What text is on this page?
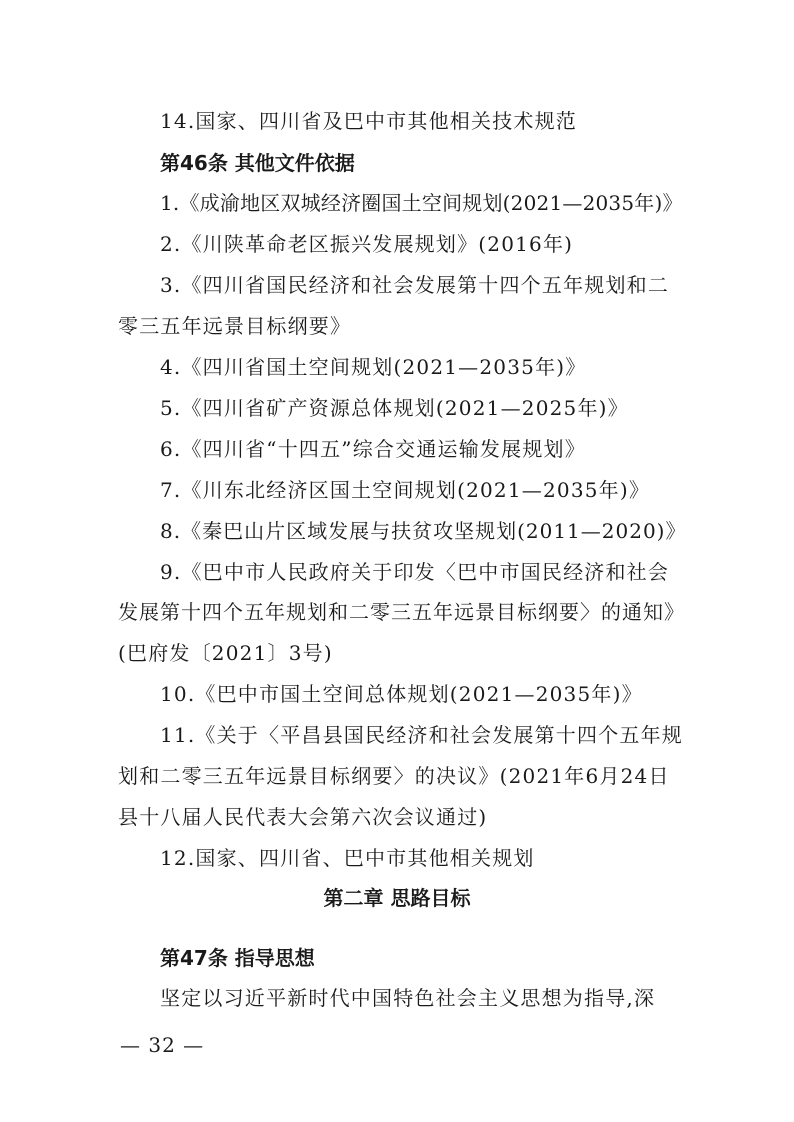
14.国家、四川省及巴中市其他相关技术规范
第46条 其他文件依据
1.《成渝地区双城经济圈国土空间规划(2021—2035年)》
2.《川陕革命老区振兴发展规划》(2016年)
3.《四川省国民经济和社会发展第十四个五年规划和二
零三五年远景目标纲要》
4.《四川省国土空间规划(2021—2035年)》
5.《四川省矿产资源总体规划(2021—2025年)》
6.《四川省“十四五”综合交通运输发展规划》
7.《川东北经济区国土空间规划(2021—2035年)》
8.《秦巴山片区域发展与扶贫攻坚规划(2011—2020)》
9.《巴中市人民政府关于印发〈巴中市国民经济和社会
发展第十四个五年规划和二零三五年远景目标纲要〉的通知》
(巴府发〔2021〕3号)
10.《巴中市国土空间总体规划(2021—2035年)》
11.《关于〈平昌县国民经济和社会发展第十四个五年规
划和二零三五年远景目标纲要〉的决议》(2021年6月24日
县十八届人民代表大会第六次会议通过)
12.国家、四川省、巴中市其他相关规划
第二章 思路目标
第47条 指导思想
坚定以习近平新时代中国特色社会主义思想为指导,深
— 32 —
